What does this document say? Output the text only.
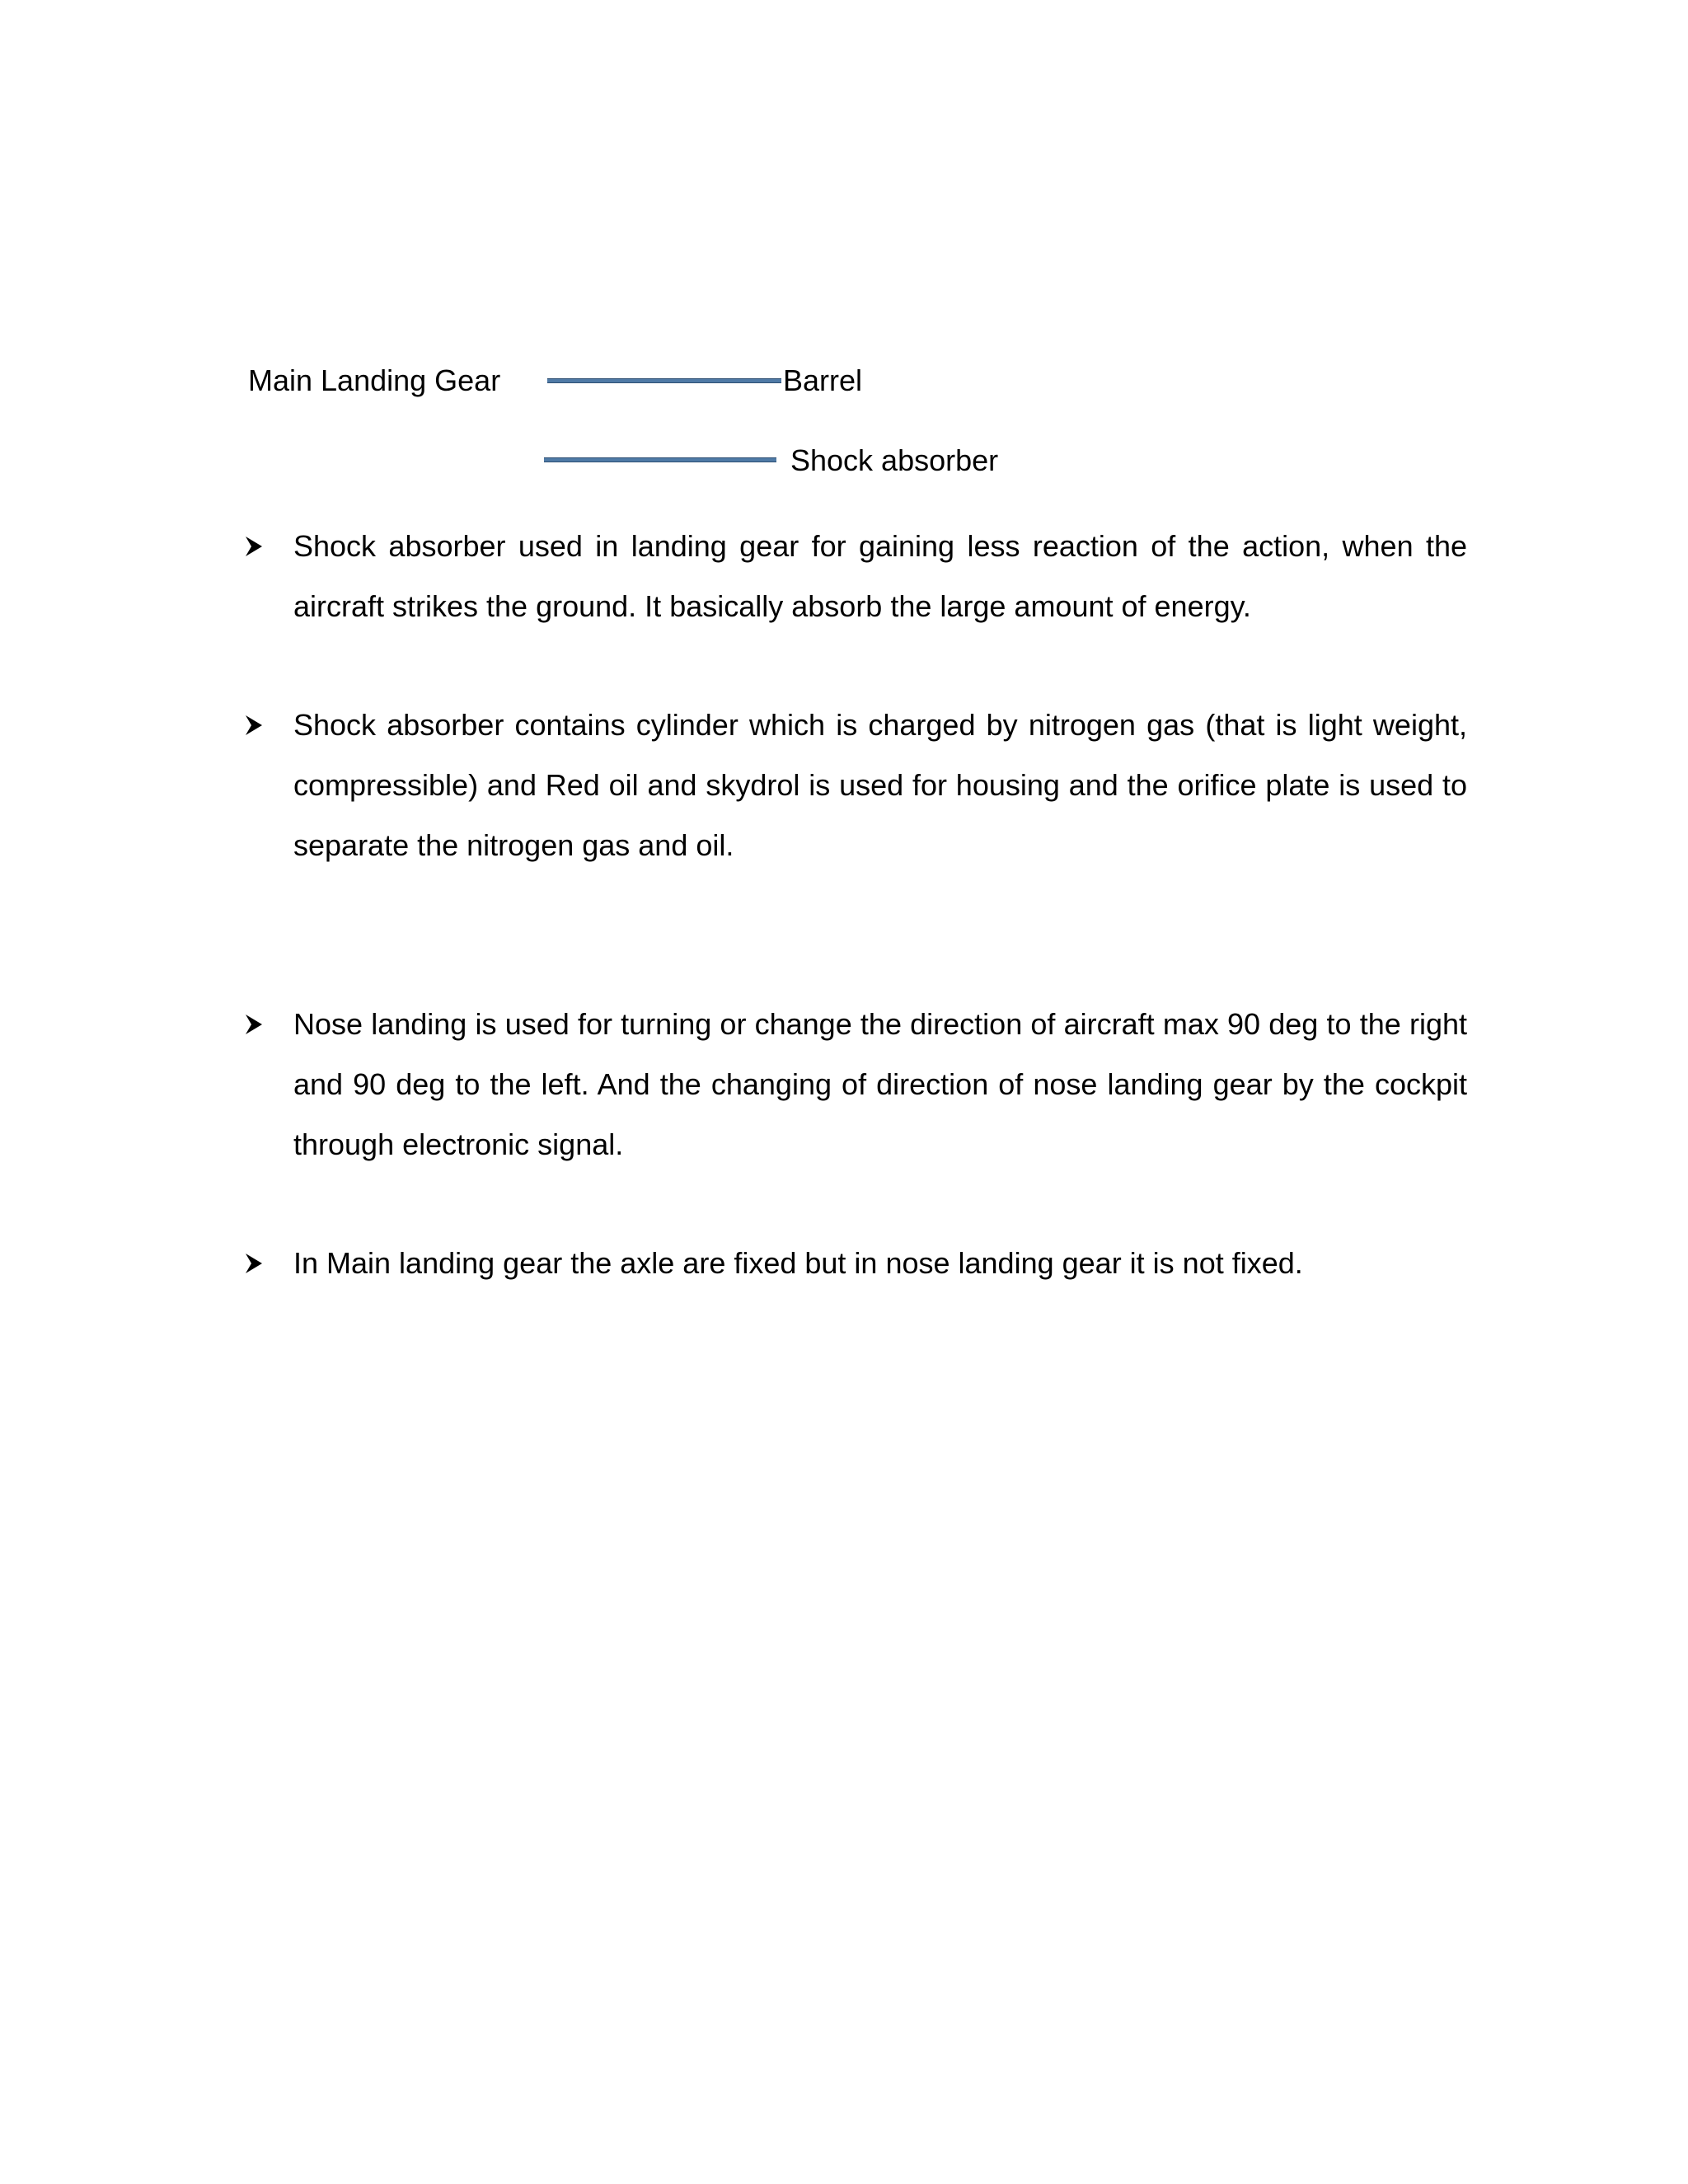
Main Landing Gear	Barrel
Shock absorber
Shock absorber used in landing gear for gaining less reaction of the action, when the aircraft strikes the ground. It basically absorb the large amount of energy.
Shock absorber contains cylinder which is charged by nitrogen gas (that is light weight, compressible) and Red oil and skydrol is used for housing and the orifice plate is used to separate the nitrogen gas and oil.
Nose landing is used for turning or change the direction of aircraft max 90 deg to the right and 90 deg to the left. And the changing of direction of nose landing gear by the cockpit through electronic signal.
In Main landing gear the axle are fixed but in nose landing gear it is not fixed.
